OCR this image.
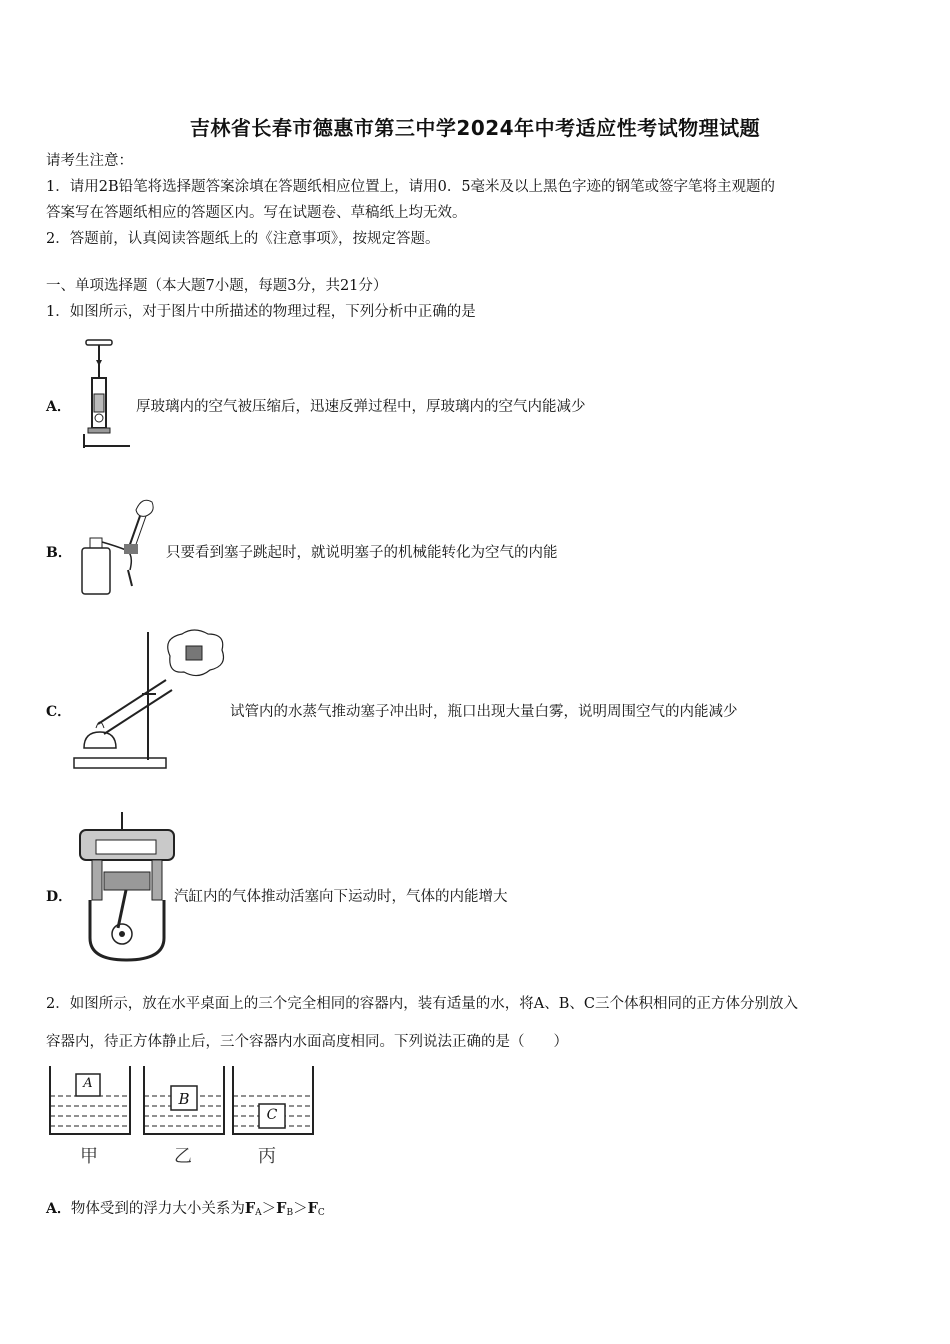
吉林省长春市德惠市第三中学2024年中考适应性考试物理试题
请考生注意：
1．请用2B铅笔将选择题答案涂填在答题纸相应位置上，请用0．5毫米及以上黑色字迹的钢笔或签字笔将主观题的
答案写在答题纸相应的答题区内。写在试题卷、草稿纸上均无效。
2．答题前，认真阅读答题纸上的《注意事项》，按规定答题。
一、单项选择题（本大题7小题，每题3分，共21分）
1．如图所示，对于图片中所描述的物理过程，下列分析中正确的是
A．	厚玻璃内的空气被压缩后，迅速反弹过程中，厚玻璃内的空气内能减少
B．	只要看到塞子跳起时，就说明塞子的机械能转化为空气的内能
C．	试管内的水蒸气推动塞子冲出时，瓶口出现大量白雾，说明周围空气的内能减少
D．	汽缸内的气体推动活塞向下运动时，气体的内能增大
2．如图所示，放在水平桌面上的三个完全相同的容器内，装有适量的水，将A、B、C三个体积相同的正方体分别放入
容器内，待正方体静止后，三个容器内水面高度相同。下列说法正确的是（　　）
A
甲
B
乙
C
丙
A．物体受到的浮力大小关系为$F_A>F_B>F_C$
